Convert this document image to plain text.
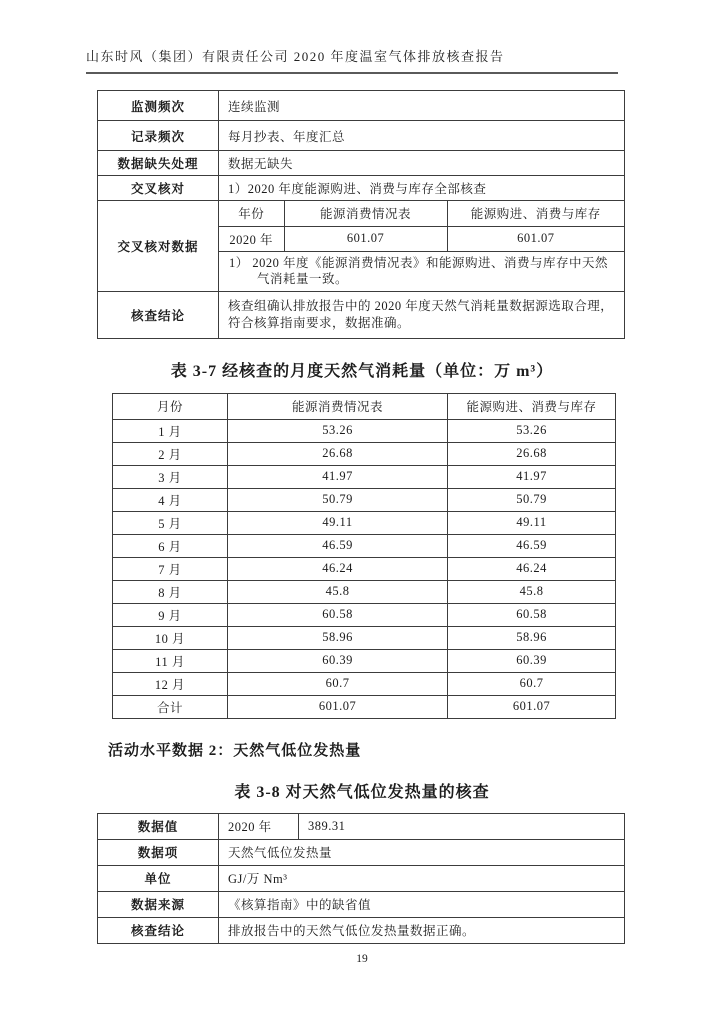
山东时风（集团）有限责任公司 2020 年度温室气体排放核查报告
监测频次	连续监测
记录频次	每月抄表、年度汇总
数据缺失处理	数据无缺失
交叉核对	1）2020 年度能源购进、消费与库存全部核查
交叉核对数据	
年份	能源消费情况表	能源购进、消费与库存
2020 年	601.07	601.07
1） 2020 年度《能源消费情况表》和能源购进、消费与库存中天然气消耗量一致。

核查结论	核查组确认排放报告中的 2020 年度天然气消耗量数据源选取合理，符合核算指南要求，数据准确。
表 3-7 经核查的月度天然气消耗量（单位：万 m³）
月份	能源消费情况表	能源购进、消费与库存
1 月	53.26	53.26
2 月	26.68	26.68
3 月	41.97	41.97
4 月	50.79	50.79
5 月	49.11	49.11
6 月	46.59	46.59
7 月	46.24	46.24
8 月	45.8	45.8
9 月	60.58	60.58
10 月	58.96	58.96
11 月	60.39	60.39
12 月	60.7	60.7
合计	601.07	601.07
活动水平数据 2：天然气低位发热量
表 3-8 对天然气低位发热量的核查
数据值	2020 年	389.31
数据项	天然气低位发热量	
单位	GJ/万 Nm³	
数据来源	《核算指南》中的缺省值	
核查结论	排放报告中的天然气低位发热量数据正确。	
19
